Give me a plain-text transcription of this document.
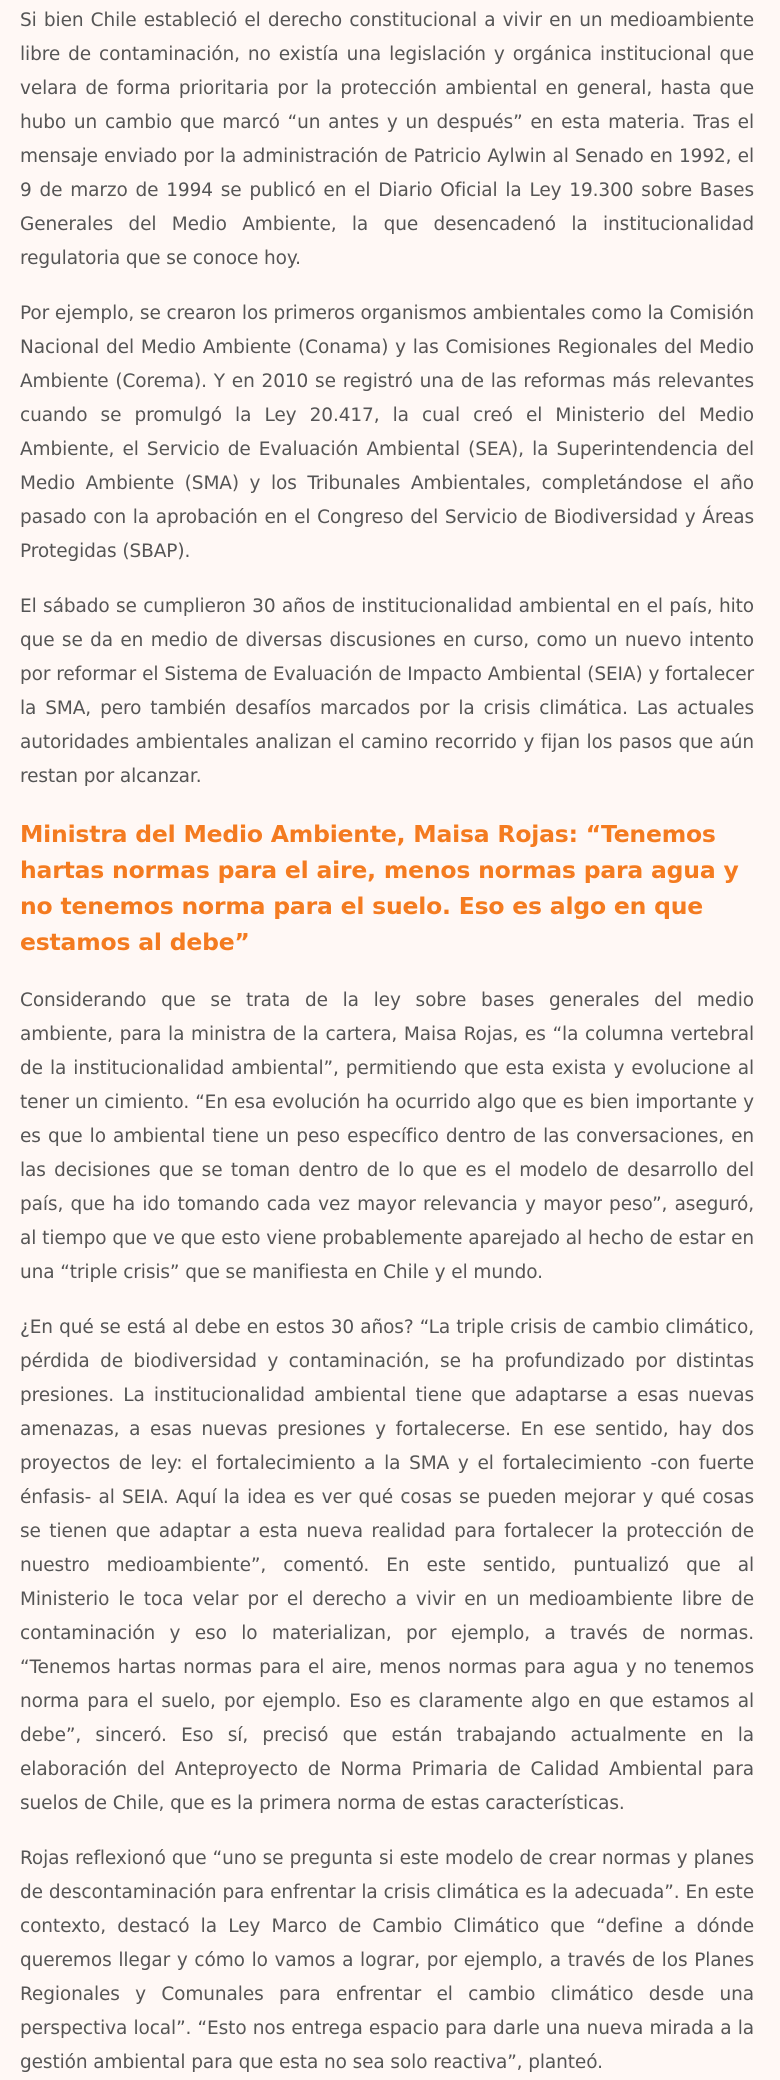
Si bien Chile estableció el derecho constitucional a vivir en un medioambiente libre de contaminación, no existía una legislación y orgánica institucional que velara de forma prioritaria por la protección ambiental en general, hasta que hubo un cambio que marcó “un antes y un después” en esta materia. Tras el mensaje enviado por la administración de Patricio Aylwin al Senado en 1992, el 9 de marzo de 1994 se publicó en el Diario Oficial la Ley 19.300 sobre Bases Generales del Medio Ambiente, la que desencadenó la institucionalidad regulatoria que se conoce hoy.

Por ejemplo, se crearon los primeros organismos ambientales como la Comisión Nacional del Medio Ambiente (Conama) y las Comisiones Regionales del Medio Ambiente (Corema). Y en 2010 se registró una de las reformas más relevantes cuando se promulgó la Ley 20.417, la cual creó el Ministerio del Medio Ambiente, el Servicio de Evaluación Ambiental (SEA), la Superintendencia del Medio Ambiente (SMA) y los Tribunales Ambientales, completándose el año pasado con la aprobación en el Congreso del Servicio de Biodiversidad y Áreas Protegidas (SBAP).

El sábado se cumplieron 30 años de institucionalidad ambiental en el país, hito que se da en medio de diversas discusiones en curso, como un nuevo intento por reformar el Sistema de Evaluación de Impacto Ambiental (SEIA) y fortalecer la SMA, pero también desafíos marcados por la crisis climática. Las actuales autoridades ambientales analizan el camino recorrido y fijan los pasos que aún restan por alcanzar.

Ministra del Medio Ambiente, Maisa Rojas: “Tenemos hartas normas para el aire, menos normas para agua y no tenemos norma para el suelo. Eso es algo en que estamos al debe”

Considerando que se trata de la ley sobre bases generales del medio ambiente, para la ministra de la cartera, Maisa Rojas, es “la columna vertebral de la institucionalidad ambiental”, permitiendo que esta exista y evolucione al tener un cimiento. “En esa evolución ha ocurrido algo que es bien importante y es que lo ambiental tiene un peso específico dentro de las conversaciones, en las decisiones que se toman dentro de lo que es el modelo de desarrollo del país, que ha ido tomando cada vez mayor relevancia y mayor peso”, aseguró, al tiempo que ve que esto viene probablemente aparejado al hecho de estar en una “triple crisis” que se manifiesta en Chile y el mundo.

¿En qué se está al debe en estos 30 años? “La triple crisis de cambio climático, pérdida de biodiversidad y contaminación, se ha profundizado por distintas presiones. La institucionalidad ambiental tiene que adaptarse a esas nuevas amenazas, a esas nuevas presiones y fortalecerse. En ese sentido, hay dos proyectos de ley: el fortalecimiento a la SMA y el fortalecimiento -con fuerte énfasis- al SEIA. Aquí la idea es ver qué cosas se pueden mejorar y qué cosas se tienen que adaptar a esta nueva realidad para fortalecer la protección de nuestro medioambiente”, comentó. En este sentido, puntualizó que al Ministerio le toca velar por el derecho a vivir en un medioambiente libre de contaminación y eso lo materializan, por ejemplo, a través de normas. “Tenemos hartas normas para el aire, menos normas para agua y no tenemos norma para el suelo, por ejemplo. Eso es claramente algo en que estamos al debe”, sinceró. Eso sí, precisó que están trabajando actualmente en la elaboración del Anteproyecto de Norma Primaria de Calidad Ambiental para suelos de Chile, que es la primera norma de estas características.

Rojas reflexionó que “uno se pregunta si este modelo de crear normas y planes de descontaminación para enfrentar la crisis climática es la adecuada”. En este contexto, destacó la Ley Marco de Cambio Climático que “define a dónde queremos llegar y cómo lo vamos a lograr, por ejemplo, a través de los Planes Regionales y Comunales para enfrentar el cambio climático desde una perspectiva local”. “Esto nos entrega espacio para darle una nueva mirada a la gestión ambiental para que esta no sea solo reactiva”, planteó.
